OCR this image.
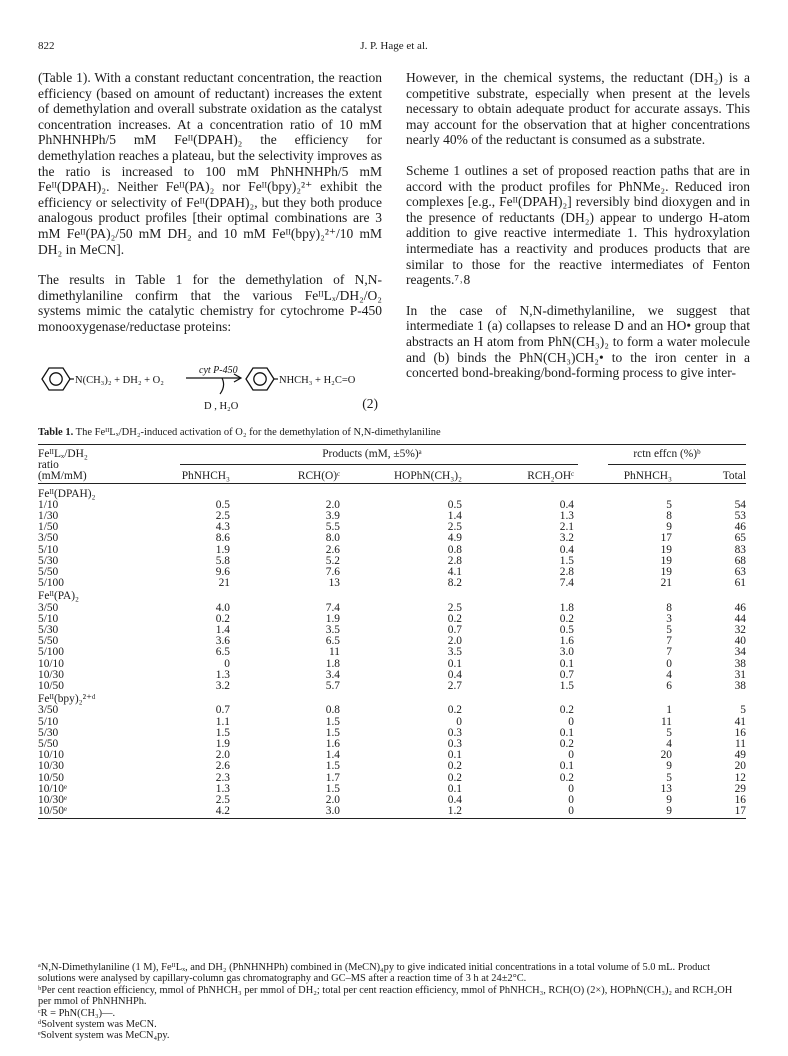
822	J. P. Hage et al.

(Table 1). With a constant reductant concentration, the reaction efficiency (based on amount of reductant) increases the extent of demethylation and overall substrate oxidation as the catalyst concentration increases. At a concentration ratio of 10 mM PhNHNHPh/5 mM Feᴵᴵ(DPAH)₂ the efficiency for demethylation reaches a plateau, but the selectivity improves as the ratio is increased to 100 mM PhNHNHPh/5 mM Feᴵᴵ(DPAH)₂. Neither Feᴵᴵ(PA)₂ nor Feᴵᴵ(bpy)₂²⁺ exhibit the efficiency or selectivity of Feᴵᴵ(DPAH)₂, but they both produce analogous product profiles [their optimal combinations are 3 mM Feᴵᴵ(PA)₂/50 mM DH₂ and 10 mM Feᴵᴵ(bpy)₂²⁺/10 mM DH₂ in MeCN].

The results in Table 1 for the demethylation of N,N-dimethylaniline confirm that the various FeᴵᴵLₓ/DH₂/O₂ systems mimic the catalytic chemistry for cytochrome P-450 monooxygenase/reductase proteins:

N(CH₃)₂ + DH₂ + O₂
cyt P-450
D , H₂O
NHCH₃ + H₂C=O
(2)

However, in the chemical systems, the reductant (DH₂) is a competitive substrate, especially when present at the levels necessary to obtain adequate product for accurate assays. This may account for the observation that at higher concentrations nearly 40% of the reductant is consumed as a substrate.

Scheme 1 outlines a set of proposed reaction paths that are in accord with the product profiles for PhNMe₂. Reduced iron complexes [e.g., Feᴵᴵ(DPAH)₂] reversibly bind dioxygen and in the presence of reductants (DH₂) appear to undergo H-atom addition to give reactive intermediate 1. This hydroxylation intermediate has a reactivity and produces products that are similar to those for the reactive intermediates of Fenton reagents.⁷˒8

In the case of N,N-dimethylaniline, we suggest that intermediate 1 (a) collapses to release D and an HO• group that abstracts an H atom from PhN(CH₃)₂ to form a water molecule and (b) binds the PhN(CH₃)CH₂• to the iron center in a concerted bond-breaking/bond-forming process to give inter-

Table 1. The FeᴵᴵLₓ/DH₂-induced activation of O₂ for the demethylation of N,N-dimethylaniline

FeᴵᴵLₓ/DH₂	Products (mM, ±5%)ᵃ				rctn effcn (%)ᵇ	
ratio					

(mM/mM)	PhNHCH₃	RCH(O)ᶜ	HOPhN(CH₃)₂	RCH₂OHᶜ	PhNHCH₃	Total

Feᴵᴵ(DPAH)₂						
1/10	0.5	2.0	0.5	0.4	5	54
1/30	2.5	3.9	1.4	1.3	8	53
1/50	4.3	5.5	2.5	2.1	9	46
3/50	8.6	8.0	4.9	3.2	17	65
5/10	1.9	2.6	0.8	0.4	19	83
5/30	5.8	5.2	2.8	1.5	19	68
5/50	9.6	7.6	4.1	2.8	19	63
5/100	21	13	8.2	7.4	21	61
Feᴵᴵ(PA)₂						
3/50	4.0	7.4	2.5	1.8	8	46
5/10	0.2	1.9	0.2	0.2	3	44
5/30	1.4	3.5	0.7	0.5	5	32
5/50	3.6	6.5	2.0	1.6	7	40
5/100	6.5	11	3.5	3.0	7	34
10/10	0	1.8	0.1	0.1	0	38
10/30	1.3	3.4	0.4	0.7	4	31
10/50	3.2	5.7	2.7	1.5	6	38
Feᴵᴵ(bpy)₂²⁺ᵈ						
3/50	0.7	0.8	0.2	0.2	1	5
5/10	1.1	1.5	0	0	11	41
5/30	1.5	1.5	0.3	0.1	5	16
5/50	1.9	1.6	0.3	0.2	4	11
10/10	2.0	1.4	0.1	0	20	49
10/30	2.6	1.5	0.2	0.1	9	20
10/50	2.3	1.7	0.2	0.2	5	12
10/10ᵉ	1.3	1.5	0.1	0	13	29
10/30ᵉ	2.5	2.0	0.4	0	9	16
10/50ᵉ	4.2	3.0	1.2	0	9	17

ᵃN,N-Dimethylaniline (1 M), FeᴵᴵLₓ, and DH₂ (PhNHNHPh) combined in (MeCN)₄py to give indicated initial concentrations in a total volume of 5.0 mL. Product solutions were analysed by capillary-column gas chromatography and GC–MS after a reaction time of 3 h at 24±2°C.
ᵇPer cent reaction efficiency, mmol of PhNHCH₃ per mmol of DH₂; total per cent reaction efficiency, mmol of PhNHCH₃, RCH(O) (2×), HOPhN(CH₃)₂ and RCH₂OH per mmol of PhNHNHPh.
ᶜR = PhN(CH₃)—.
ᵈSolvent system was MeCN.
ᵉSolvent system was MeCN₄py.
